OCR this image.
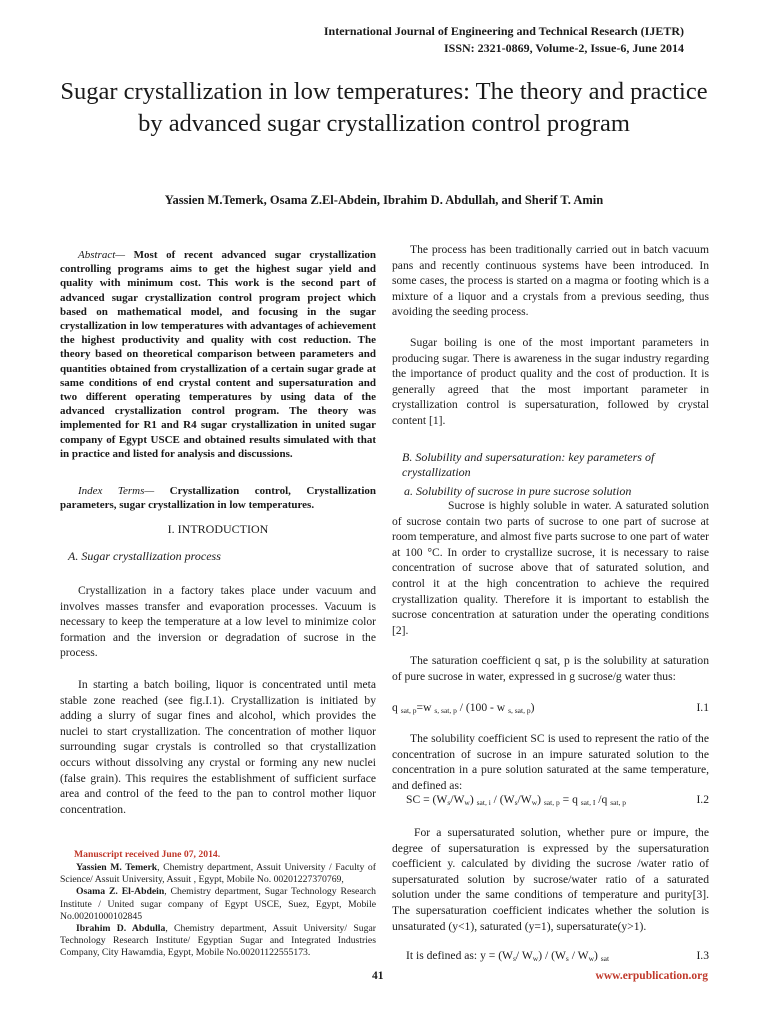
International Journal of Engineering and Technical Research (IJETR)
ISSN: 2321-0869, Volume-2, Issue-6, June 2014
Sugar crystallization in low temperatures: The theory and practice by advanced sugar crystallization control program
Yassien M.Temerk, Osama Z.El-Abdein, Ibrahim D. Abdullah, and Sherif T. Amin
Abstract— Most of recent advanced sugar crystallization controlling programs aims to get the highest sugar yield and quality with minimum cost. This work is the second part of advanced sugar crystallization control program project which based on mathematical model, and focusing in the sugar crystallization in low temperatures with advantages of achievement the highest productivity and quality with cost reduction. The theory based on theoretical comparison between parameters and quantities obtained from crystallization of a certain sugar grade at same conditions of end crystal content and supersaturation and two different operating temperatures by using data of the advanced crystallization control program. The theory was implemented for R1 and R4 sugar crystallization in united sugar company of Egypt USCE and obtained results simulated with that in practice and listed for analysis and discussions.
Index Terms— Crystallization control, Crystallization parameters, sugar crystallization in low temperatures.
I. INTRODUCTION
A. Sugar crystallization process

Crystallization in a factory takes place under vacuum and involves masses transfer and evaporation processes. Vacuum is necessary to keep the temperature at a low level to minimize color formation and the inversion or degradation of sucrose in the process.

In starting a batch boiling, liquor is concentrated until meta stable zone reached (see fig.I.1). Crystallization is initiated by adding a slurry of sugar fines and alcohol, which provides the nuclei to start crystallization. The concentration of mother liquor surrounding sugar crystals is controlled so that crystallization occurs without dissolving any crystal or forming any new nuclei (false grain). This requires the establishment of sufficient surface area and control of the feed to the pan to control mother liquor concentration.

Manuscript received June 07, 2014.

Yassien M. Temerk, Chemistry department, Assuit University / Faculty of Science/ Assuit University, Assuit , Egypt, Mobile No. 00201227370769,

Osama Z. El-Abdein, Chemistry department, Sugar Technology Research Institute / United sugar company of Egypt USCE, Suez, Egypt, Mobile No.00201000102845

Ibrahim D. Abdulla, Chemistry department, Assuit University/ Sugar Technology Research Institute/ Egyptian Sugar and Integrated Industries Company, City Hawamdia, Egypt, Mobile No.00201122555173.

The process has been traditionally carried out in batch vacuum pans and recently continuous systems have been introduced. In some cases, the process is started on a magma or footing which is a mixture of a liquor and a crystals from a previous seeding, thus avoiding the seeding process.

Sugar boiling is one of the most important parameters in producing sugar. There is awareness in the sugar industry regarding the importance of product quality and the cost of production. It is generally agreed that the most important parameter in crystallization control is supersaturation, followed by crystal content [1].

B. Solubility and supersaturation: key parameters of crystallization
a. Solubility of sucrose in pure sucrose solution

Sucrose is highly soluble in water. A saturated solution of sucrose contain two parts of sucrose to one part of sucrose at room temperature, and almost five parts sucrose to one part of water at 100 °C. In order to crystallize sucrose, it is necessary to raise concentration of sucrose above that of saturated solution, and control it at the high concentration to achieve the required crystallization quality. Therefore it is important to establish the sucrose concentration at saturation under the operating conditions [2].

The saturation coefficient q sat, p is the solubility at saturation of pure sucrose in water, expressed in g sucrose/g water thus:

q $_{sat, p}$=w $_{s, sat, p}$ / (100 - w $_{s, sat, p}$)	I.1

The solubility coefficient SC is used to represent the ratio of the concentration of sucrose in an impure saturated solution to the concentration in a pure solution saturated at the same temperature, and defined as:

SC = $(W_s/W_w)$ $_{sat, i} / (W_s/W_w) _{sat, p} = q$ $_{sat, I}$ /q $_{sat, p}$	I.2

For a supersaturated solution, whether pure or impure, the degree of supersaturation is expressed by the supersaturation coefficient y. calculated by dividing the sucrose /water ratio of supersaturated solution by sucrose/water ratio of a saturated solution under the same conditions of temperature and purity[3]. The supersaturation coefficient indicates whether the solution is unsaturated (y<1), saturated (y=1), supersaturate(y>1).

It is defined as: $y = (W_s/$ $W_w) / (W_s / W_w)$ $_{sat}$	I.3
41	www.erpublication.org
